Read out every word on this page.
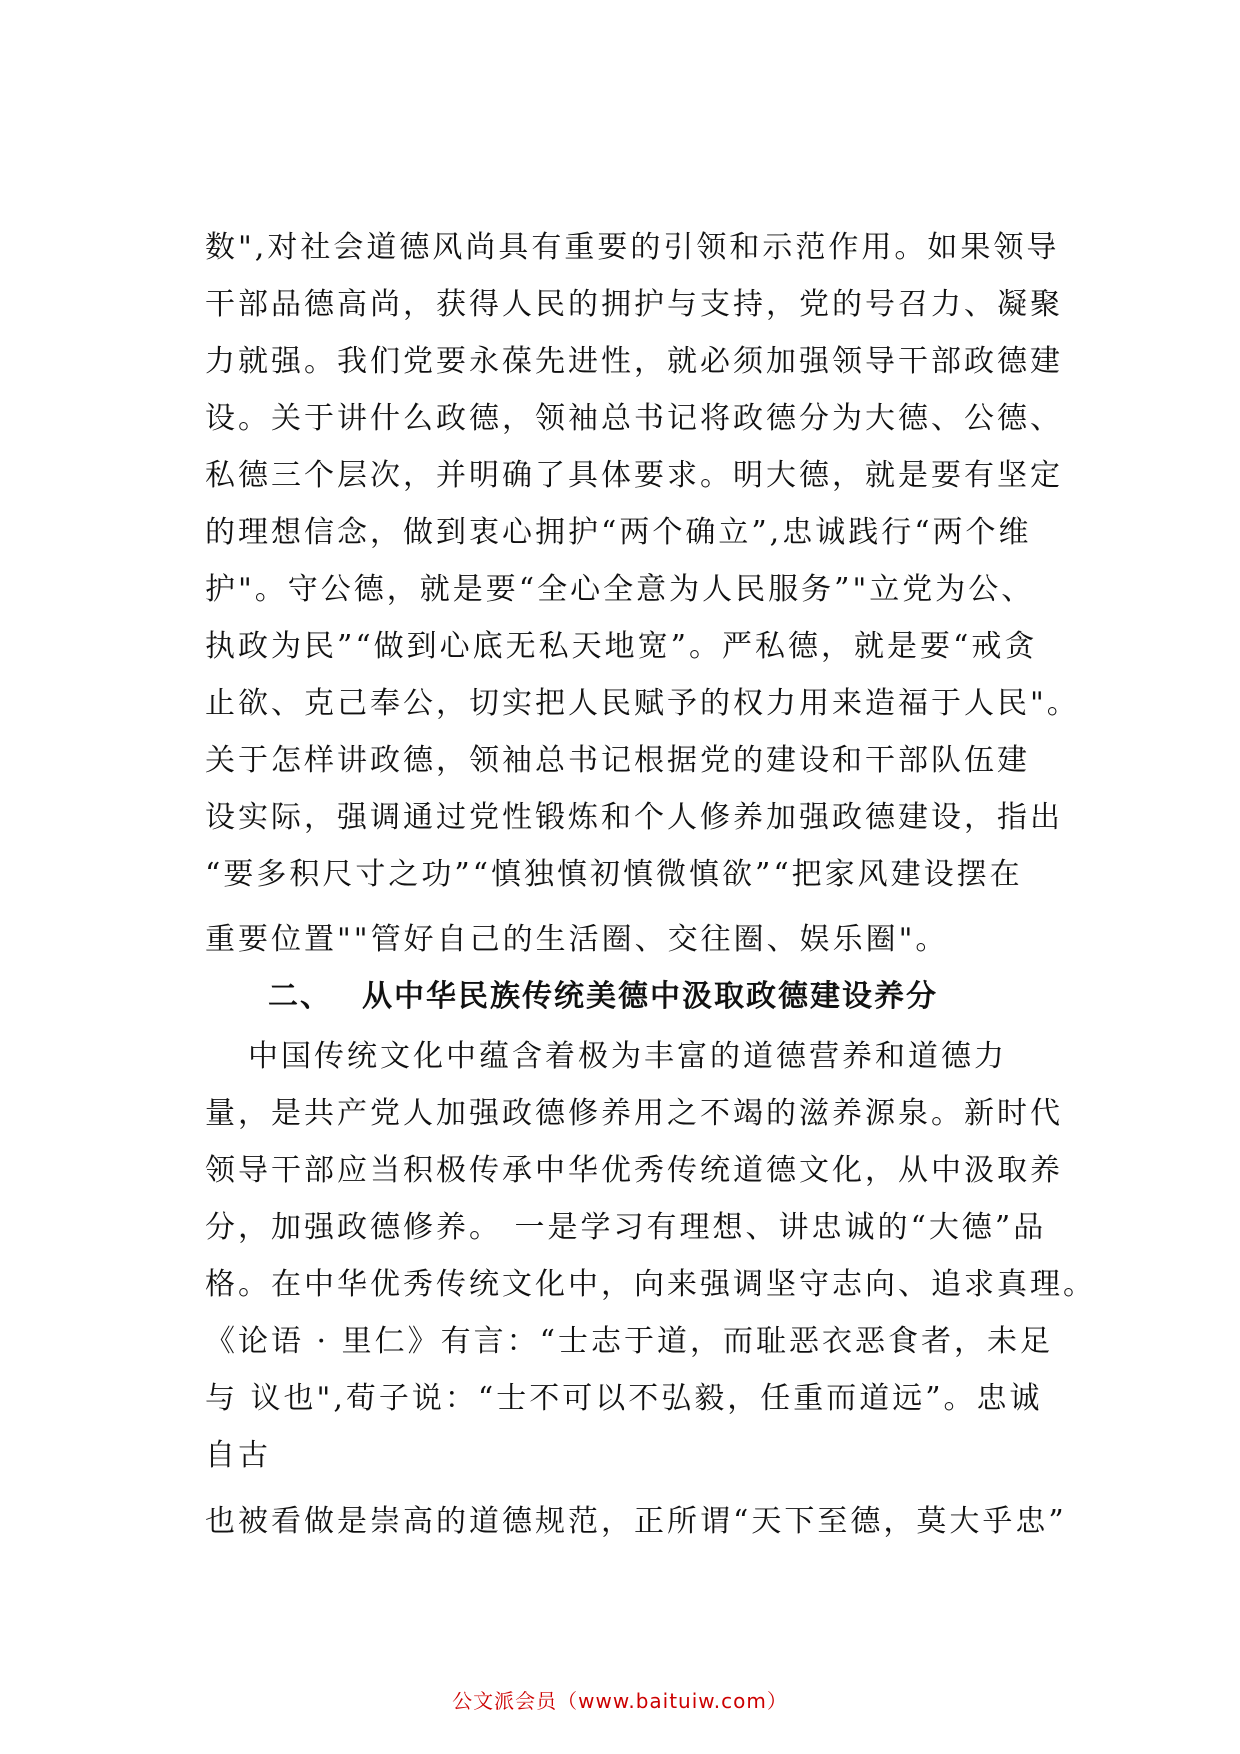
数",对社会道德风尚具有重要的引领和示范作用。如果领导
干部品德高尚，获得人民的拥护与支持，党的号召力、凝聚
力就强。我们党要永葆先进性，就必须加强领导干部政德建
设。关于讲什么政德，领袖总书记将政德分为大德、公德、
私德三个层次，并明确了具体要求。明大德，就是要有坚定
的理想信念，做到衷心拥护“两个确立”,忠诚践行“两个维
护"。守公德，就是要“全心全意为人民服务”"立党为公、
执政为民”“做到心底无私天地宽”。严私德，就是要“戒贪
止欲、克己奉公，切实把人民赋予的权力用来造福于人民"。
关于怎样讲政德，领袖总书记根据党的建设和干部队伍建
设实际，强调通过党性锻炼和个人修养加强政德建设，指出
“要多积尺寸之功”“慎独慎初慎微慎欲”“把家风建设摆在
重要位置""管好自己的生活圈、交往圈、娱乐圈"。
二、 从中华民族传统美德中汲取政德建设养分
中国传统文化中蕴含着极为丰富的道德营养和道德力
量，是共产党人加强政德修养用之不竭的滋养源泉。新时代
领导干部应当积极传承中华优秀传统道德文化，从中汲取养
分，加强政德修养。 一是学习有理想、讲忠诚的“大德”品
格。在中华优秀传统文化中，向来强调坚守志向、追求真理。
《论语 · 里仁》有言：“士志于道，而耻恶衣恶食者，未足
与 议也",荀子说：“士不可以不弘毅，任重而道远”。忠诚
自古
也被看做是崇高的道德规范，正所谓“天下至德，莫大乎忠”
公文派会员（www.baituiw.com）
